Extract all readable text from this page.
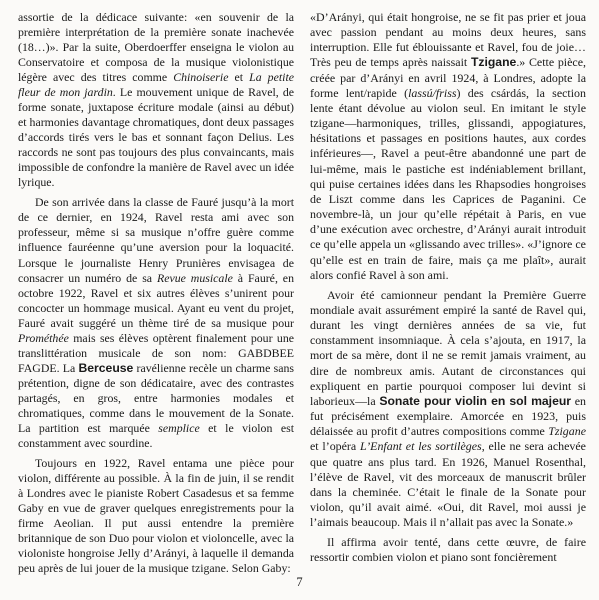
assortie de la dédicace suivante: «en souvenir de la première interprétation de la première sonate inachevée (18…)». Par la suite, Oberdoerffer enseigna le violon au Conservatoire et composa de la musique violonistique légère avec des titres comme Chinoiserie et La petite fleur de mon jardin. Le mouvement unique de Ravel, de forme sonate, juxtapose écriture modale (ainsi au début) et harmonies davantage chromatiques, dont deux passages d’accords tirés vers le bas et sonnant façon Delius. Les raccords ne sont pas toujours des plus convaincants, mais impossible de confondre la manière de Ravel avec un idée lyrique.

De son arrivée dans la classe de Fauré jusqu’à la mort de ce dernier, en 1924, Ravel resta ami avec son professeur, même si sa musique n’offre guère comme influence fauréenne qu’une aversion pour la loquacité. Lorsque le journaliste Henry Prunières envisagea de consacrer un numéro de sa Revue musicale à Fauré, en octobre 1922, Ravel et six autres élèves s’unirent pour concocter un hommage musical. Ayant eu vent du projet, Fauré avait suggéré un thème tiré de sa musique pour Prométhée mais ses élèves optèrent finalement pour une translittération musicale de son nom: GABDBEE FAGDE. La Berceuse ravélienne recèle un charme sans prétention, digne de son dédicataire, avec des contrastes partagés, en gros, entre harmonies modales et chromatiques, comme dans le mouvement de la Sonate. La partition est marquée semplice et le violon est constamment avec sourdine.

Toujours en 1922, Ravel entama une pièce pour violon, différente au possible. À la fin de juin, il se rendit à Londres avec le pianiste Robert Casadesus et sa femme Gaby en vue de graver quelques enregistrements pour la firme Aeolian. Il put aussi entendre la première britannique de son Duo pour violon et violoncelle, avec la violoniste hongroise Jelly d’Arányi, à laquelle il demanda peu après de lui jouer de la musique tzigane. Selon Gaby:

«D’Arányi, qui était hongroise, ne se fit pas prier et joua avec passion pendant au moins deux heures, sans interruption. Elle fut éblouissante et Ravel, fou de joie… Très peu de temps après naissait Tzigane.» Cette pièce, créée par d’Arányi en avril 1924, à Londres, adopte la forme lent/rapide (lassú/friss) des csárdás, la section lente étant dévolue au violon seul. En imitant le style tzigane—harmoniques, trilles, glissandi, appogiatures, hésitations et passages en positions hautes, aux cordes inférieures—, Ravel a peut-être abandonné une part de lui-même, mais le pastiche est indéniablement brillant, qui puise certaines idées dans les Rhapsodies hongroises de Liszt comme dans les Caprices de Paganini. Ce novembre-là, un jour qu’elle répétait à Paris, en vue d’une exécution avec orchestre, d’Arányi aurait introduit ce qu’elle appela un «glissando avec trilles». «J’ignore ce qu’elle est en train de faire, mais ça me plaît», aurait alors confié Ravel à son ami.

Avoir été camionneur pendant la Première Guerre mondiale avait assurément empiré la santé de Ravel qui, durant les vingt dernières années de sa vie, fut constamment insomniaque. À cela s’ajouta, en 1917, la mort de sa mère, dont il ne se remit jamais vraiment, au dire de nombreux amis. Autant de circonstances qui expliquent en partie pourquoi composer lui devint si laborieux—la Sonate pour violin en sol majeur en fut précisément exemplaire. Amorcée en 1923, puis délaissée au profit d’autres compositions comme Tzigane et l’opéra L’Enfant et les sortilèges, elle ne sera achevée que quatre ans plus tard. En 1926, Manuel Rosenthal, l’élève de Ravel, vit des morceaux de manuscrit brûler dans la cheminée. C’était le finale de la Sonate pour violon, qu’il avait aimé. «Oui, dit Ravel, moi aussi je l’aimais beaucoup. Mais il n’allait pas avec la Sonate.»

Il affirma avoir tenté, dans cette œuvre, de faire ressortir combien violon et piano sont foncièrement

7
